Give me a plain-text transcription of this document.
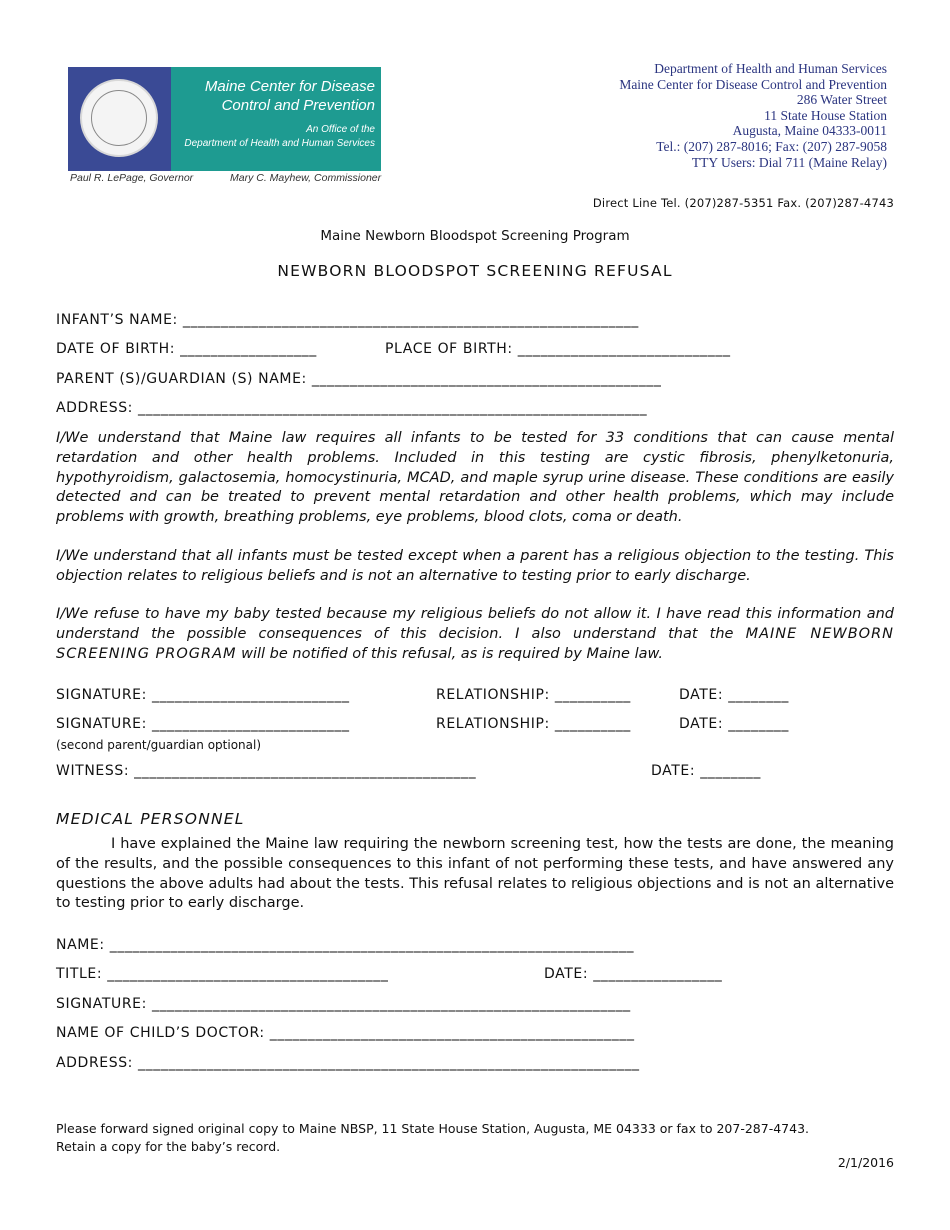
Maine Center for Disease
Control and Prevention
An Office of the
Department of Health and Human Services
Paul R. LePage, Governor	Mary C. Mayhew, Commissioner
Department of Health and Human Services
Maine Center for Disease Control and Prevention
286 Water Street
11 State House Station
Augusta, Maine 04333-0011
Tel.: (207) 287-8016; Fax: (207) 287-9058
TTY Users: Dial 711 (Maine Relay)
Direct Line Tel. (207)287-5351 Fax. (207)287-4743
Maine Newborn Bloodspot Screening Program
NEWBORN BLOODSPOT SCREENING REFUSAL
INFANT’S NAME: ____________________________________________________________
DATE OF BIRTH: __________________	PLACE OF BIRTH: ____________________________
PARENT (S)/GUARDIAN (S) NAME: ______________________________________________
ADDRESS: ___________________________________________________________________
I/We understand that Maine law requires all infants to be tested for 33 conditions that can cause mental retardation and other health problems. Included in this testing are cystic fibrosis, phenylketonuria, hypothyroidism, galactosemia, homocystinuria, MCAD, and maple syrup urine disease. These conditions are easily detected and can be treated to prevent mental retardation and other health problems, which may include problems with growth, breathing problems, eye problems, blood clots, coma or death.
I/We understand that all infants must be tested except when a parent has a religious objection to the testing. This objection relates to religious beliefs and is not an alternative to testing prior to early discharge.
I/We refuse to have my baby tested because my religious beliefs do not allow it. I have read this information and understand the possible consequences of this decision. I also understand that the MAINE NEWBORN SCREENING PROGRAM will be notified of this refusal, as is required by Maine law.
SIGNATURE: __________________________	RELATIONSHIP: __________	DATE: ________
SIGNATURE: __________________________	RELATIONSHIP: __________	DATE: ________
(second parent/guardian optional)
WITNESS: _____________________________________________	DATE: ________
MEDICAL PERSONNEL
I have explained the Maine law requiring the newborn screening test, how the tests are done, the meaning of the results, and the possible consequences to this infant of not performing these tests, and have answered any questions the above adults had about the tests. This refusal relates to religious objections and is not an alternative to testing prior to early discharge.
NAME: _____________________________________________________________________
TITLE: _____________________________________	DATE: _________________
SIGNATURE: _______________________________________________________________
NAME OF CHILD’S DOCTOR: ________________________________________________
ADDRESS: __________________________________________________________________
Please forward signed original copy to Maine NBSP, 11 State House Station, Augusta, ME 04333 or fax to 207-287-4743.
Retain a copy for the baby’s record.
2/1/2016
